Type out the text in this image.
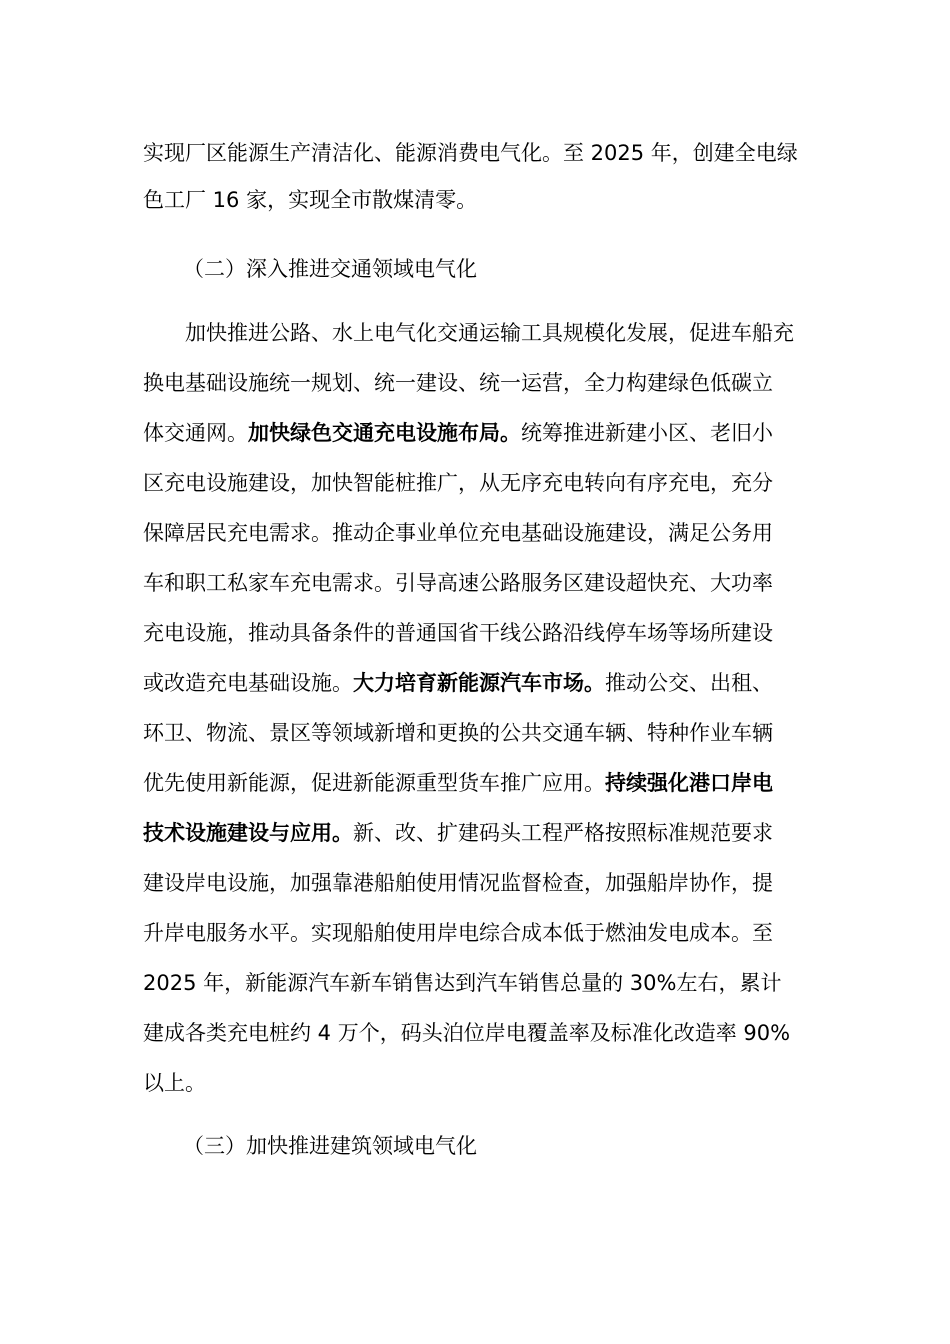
实现厂区能源生产清洁化、能源消费电气化。至 2025 年，创建全电绿
色工厂 16 家，实现全市散煤清零。
（二）深入推进交通领域电气化
加快推进公路、水上电气化交通运输工具规模化发展，促进车船充
换电基础设施统一规划、统一建设、统一运营，全力构建绿色低碳立
体交通网。加快绿色交通充电设施布局。统筹推进新建小区、老旧小
区充电设施建设，加快智能桩推广，从无序充电转向有序充电，充分
保障居民充电需求。推动企事业单位充电基础设施建设，满足公务用
车和职工私家车充电需求。引导高速公路服务区建设超快充、大功率
充电设施，推动具备条件的普通国省干线公路沿线停车场等场所建设
或改造充电基础设施。大力培育新能源汽车市场。推动公交、出租、
环卫、物流、景区等领域新增和更换的公共交通车辆、特种作业车辆
优先使用新能源，促进新能源重型货车推广应用。持续强化港口岸电
技术设施建设与应用。新、改、扩建码头工程严格按照标准规范要求
建设岸电设施，加强靠港船舶使用情况监督检查，加强船岸协作，提
升岸电服务水平。实现船舶使用岸电综合成本低于燃油发电成本。至
2025 年，新能源汽车新车销售达到汽车销售总量的 30%左右，累计
建成各类充电桩约 4 万个，码头泊位岸电覆盖率及标准化改造率 90%
以上。
（三）加快推进建筑领域电气化
